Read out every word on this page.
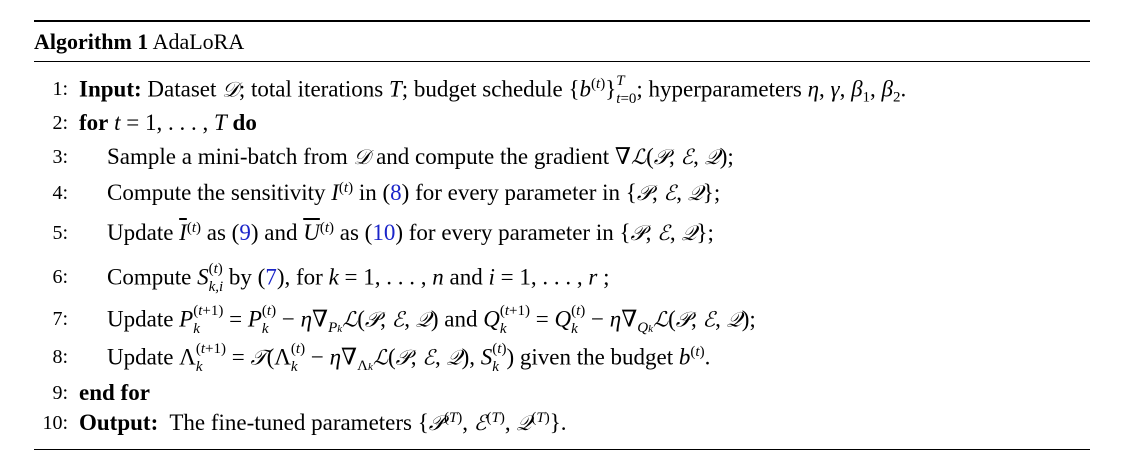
Algorithm 1 AdaLoRA
1: Input: Dataset 𝒟; total iterations T; budget schedule $\{b^{(t)}\}$ T
t=0 ; hyperparameters η, γ, $\beta_1$, $\beta_2$.
2: for t = 1, . . . , T do
3: Sample a mini-batch from 𝒟 and compute the gradient ∇ℒ(𝒫, ℰ, 𝒬);
4: Compute the sensitivity $I^{(t)}$ in (8) for every parameter in {𝒫, ℰ, 𝒬};
5: Update $\overline{I}^{(t)}$ as (9) and $\overline{U}^{(t)}$ as (10) for every parameter in {𝒫, ℰ, 𝒬};
6: Compute S (t)
k,i by (7), for k = 1, . . . , n and i = 1, . . . , r ;
7: Update P (t+1)
k	= P (t)
$k - \eta\nabla_{Pk}ℒ(𝒫$, ℰ, 𝒬) and Q (t+1)
k	= Q (t)
$k - \eta\nabla_{Qk}ℒ(𝒫$, ℰ, 𝒬);
8: Update Λ (t+1)
k	= 𝒯(Λ (t)
$k - \eta\nabla_{\Lambda k}ℒ(𝒫$, ℰ, 𝒬), S (t)
k ) given the budget $b^{(t)}$.
9: end for
10: Output:  The fine-tuned parameters {𝒫$^{(T)}$, ℰ$^{(T)}$, 𝒬$^{(T)}$}.
